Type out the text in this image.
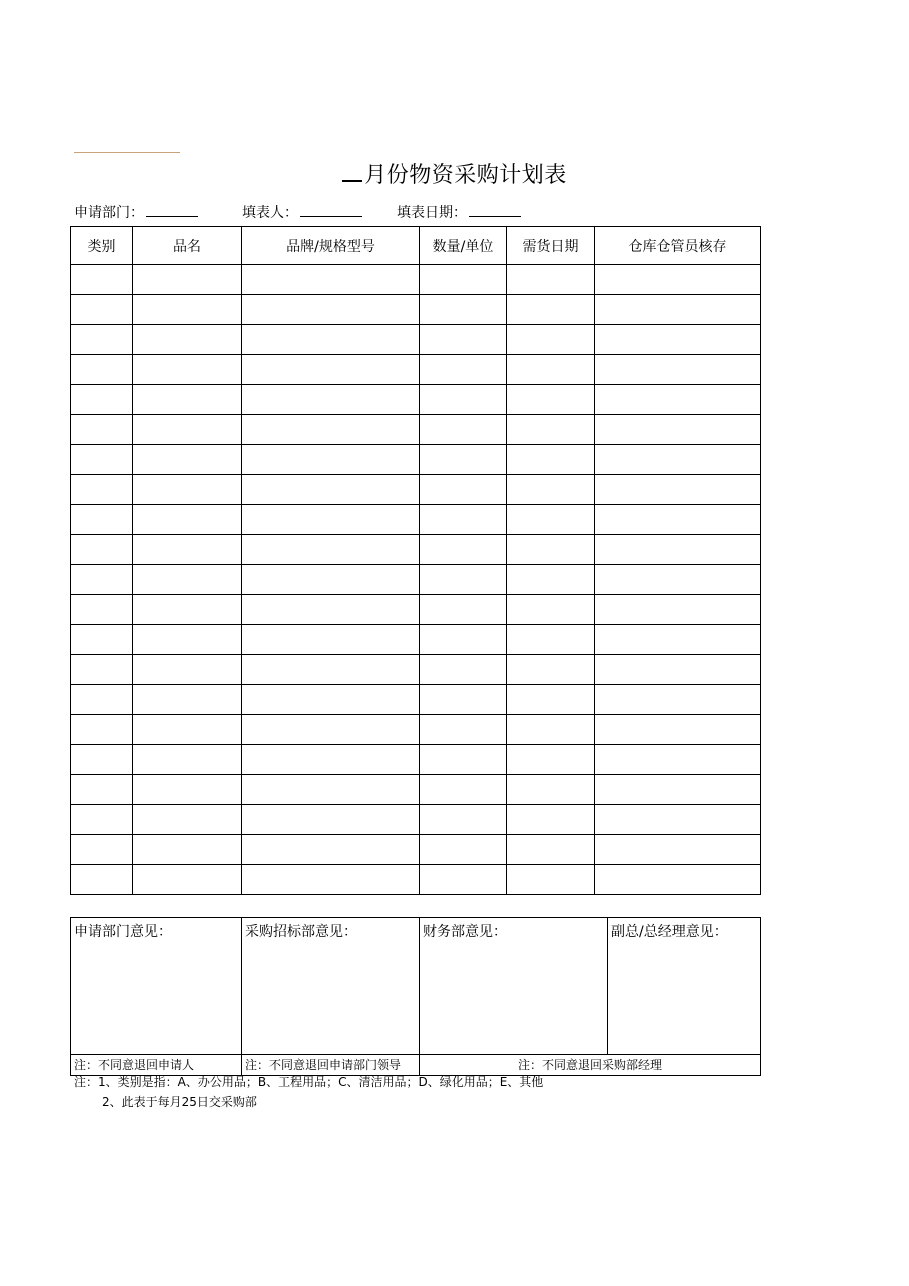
月份物资采购计划表
申请部门：	填表人：	填表日期：
类别	品名	品牌/规格型号	数量/单位	需货日期	仓库仓管员核存

申请部门意见：	采购招标部意见：	财务部意见：	副总/总经理意见：
注：不同意退回申请人	注：不同意退回申请部门领导	注：不同意退回采购部经理	
注：1、类别是指：A、办公用品；B、工程用品；C、清洁用品；D、绿化用品；E、其他
2、此表于每月25日交采购部
